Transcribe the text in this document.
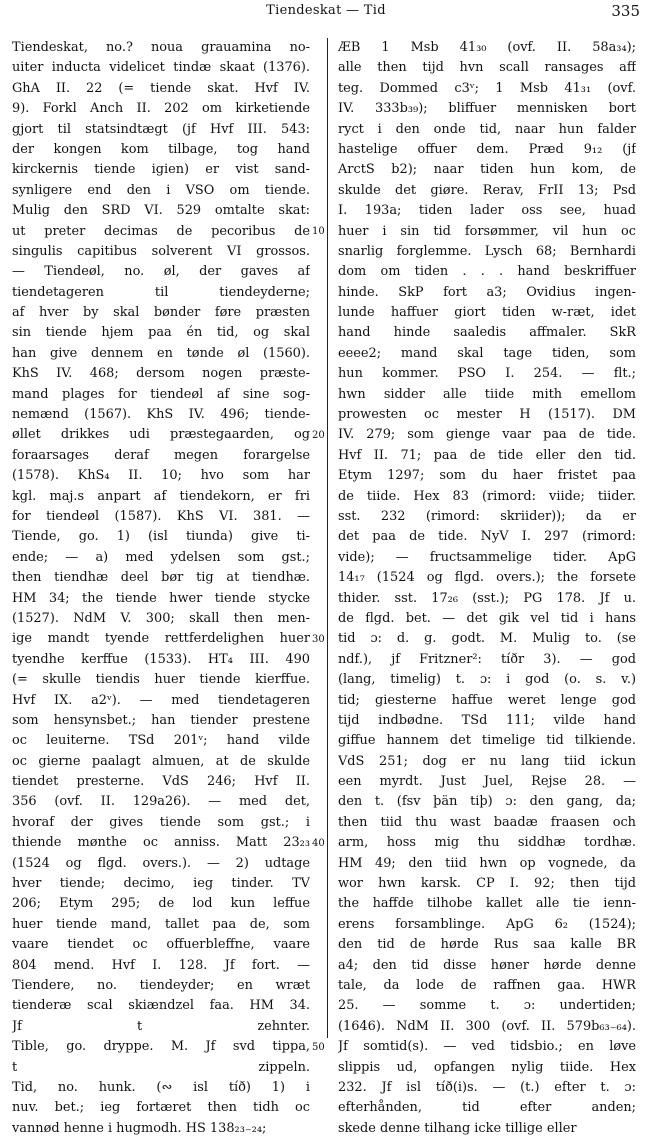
Tiendeskat — Tid	335
Tiendeskat, no.? noua grauamina no-
uiter inducta videlicet tindæ skaat (1376).
GhA II. 22 (= tiende skat. Hvf IV.
9). Forkl Anch II. 202 om kirketiende
gjort til statsindtægt (jf Hvf III. 543:
der kongen kom tilbage, tog hand
kirckernis tiende igien) er vist sand-
synligere end den i VSO om tiende.
Mulig den SRD VI. 529 omtalte skat:
ut preter decimas de pecoribus de
singulis capitibus solverent VI grossos.
— Tiendeøl, no. øl, der gaves af
tiendetageren til tiendeyderne;
af hver by skal bønder føre præsten
sin tiende hjem paa én tid, og skal
han give dennem en tønde øl (1560).
KhS IV. 468; dersom nogen præste-
mand plages for tiendeøl af sine sog-
nemænd (1567). KhS IV. 496; tiende-
øllet drikkes udi præstegaarden, og
foraarsages deraf megen forargelse
(1578). KhS₄ II. 10; hvo som har
kgl. maj.s anpart af tiendekorn, er fri
for tiendeøl (1587). KhS VI. 381. —
Tiende, go. 1) (isl tiunda) give ti-
ende; — a) med ydelsen som gst.;
then tiendhæ deel bør tig at tiendhæ.
HM 34; the tiende hwer tiende stycke
(1527). NdM V. 300; skall then men-
ige mandt tyende rettferdelighen huer
tyendhe kerffue (1533). HT₄ III. 490
(= skulle tiendis huer tiende kierffue.
Hvf IX. a2ᵛ). — med tiendetageren
som hensynsbet.; han tiender prestene
oc leuiterne. TSd 201ᵛ; hand vilde
oc gierne paalagt almuen, at de skulde
tiendet presterne. VdS 246; Hvf II.
356 (ovf. II. 129a26). — med det,
hvoraf der gives tiende som gst.; i
thiende mønthe oc anniss. Matt 23₂₃
(1524 og flgd. overs.). — 2) udtage
hver tiende; decimo, ieg tinder. TV
206; Etym 295; de lod kun leffue
huer tiende mand, tallet paa de, som
vaare tiendet oc offuerbleffne, vaare
804 mend. Hvf I. 128. Jf fort. —
Tiendere, no. tiendeyder; en wræt
tienderæ scal skiændzel faa. HM 34.
Jf t zehnter.
Tible, go. dryppe. M. Jf svd tippa,
t zippeln.
Tid, no. hunk. (∾ isl tíð) 1) i
nuv. bet.; ieg fortæret then tidh oc
vannød henne i hugmodh. HS 138₂₃₋₂₄;
10
20
30
40
50
ÆB 1 Msb 41₃₀ (ovf. II. 58a₃₄);
alle then tijd hvn scall ransages aff
teg. Dommed c3ᵛ; 1 Msb 41₃₁ (ovf.
IV. 333b₃₉); bliffuer mennisken bort
ryct i den onde tid, naar hun falder
hastelige offuer dem. Præd 9₁₂ (jf
ArctS b2); naar tiden hun kom, de
skulde det giøre. Rerav, FrII 13; Psd
I. 193a; tiden lader oss see, huad
huer i sin tid forsømmer, vil hun oc
snarlig forglemme. Lysch 68; Bernhardi
dom om tiden . . . hand beskriffuer
hinde. SkP fort a3; Ovidius ingen-
lunde haffuer giort tiden w-ræt, idet
hand hinde saaledis affmaler. SkR
eeee2; mand skal tage tiden, som
hun kommer. PSO I. 254. — flt.;
hwn sidder alle tiide mith emellom
prowesten oc mester H (1517). DM
IV. 279; som gienge vaar paa de tide.
Hvf II. 71; paa de tide eller den tid.
Etym 1297; som du haer fristet paa
de tiide. Hex 83 (rimord: viide; tiider.
sst. 232 (rimord: skriider)); da er
det paa de tide. NyV I. 297 (rimord:
vide); — fructsammelige tider. ApG
14₁₇ (1524 og flgd. overs.); the forsete
thider. sst. 17₂₆ (sst.); PG 178. Jf u.
de flgd. bet. — det gik vel tid i hans
tid ɔ: d. g. godt. M. Mulig to. (se
ndf.), jf Fritzner²: tíðr 3). — god
(lang, timelig) t. ɔ: i god (o. s. v.)
tid; giesterne haffue weret lenge god
tijd indbødne. TSd 111; vilde hand
giffue hannem det timelige tid tilkiende.
VdS 251; dog er nu lang tiid ickun
een myrdt. Just Juel, Rejse 28. —
den t. (fsv þän tiþ) ɔ: den gang, da;
then tiid thu wast baadæ fraasen och
arm, hoss mig thu siddhæ tordhæ.
HM 49; den tiid hwn op vognede, da
wor hwn karsk. CP I. 92; then tijd
the haffde tilhobe kallet alle tie ienn-
erens forsamblinge. ApG 6₂ (1524);
den tid de hørde Rus saa kalle BR
a4; den tid disse høner hørde denne
tale, da lode de raffnen gaa. HWR
25. — somme t. ɔ: undertiden;
(1646). NdM II. 300 (ovf. II. 579b₆₃₋₆₄).
Jf somtid(s). — ved tidsbio.; en løve
slippis ud, opfangen nylig tiide. Hex
232. Jf isl tíð(i)s. — (t.) efter t. ɔ:
efterhånden, tid efter anden;
skede denne tilhang icke tillige eller
